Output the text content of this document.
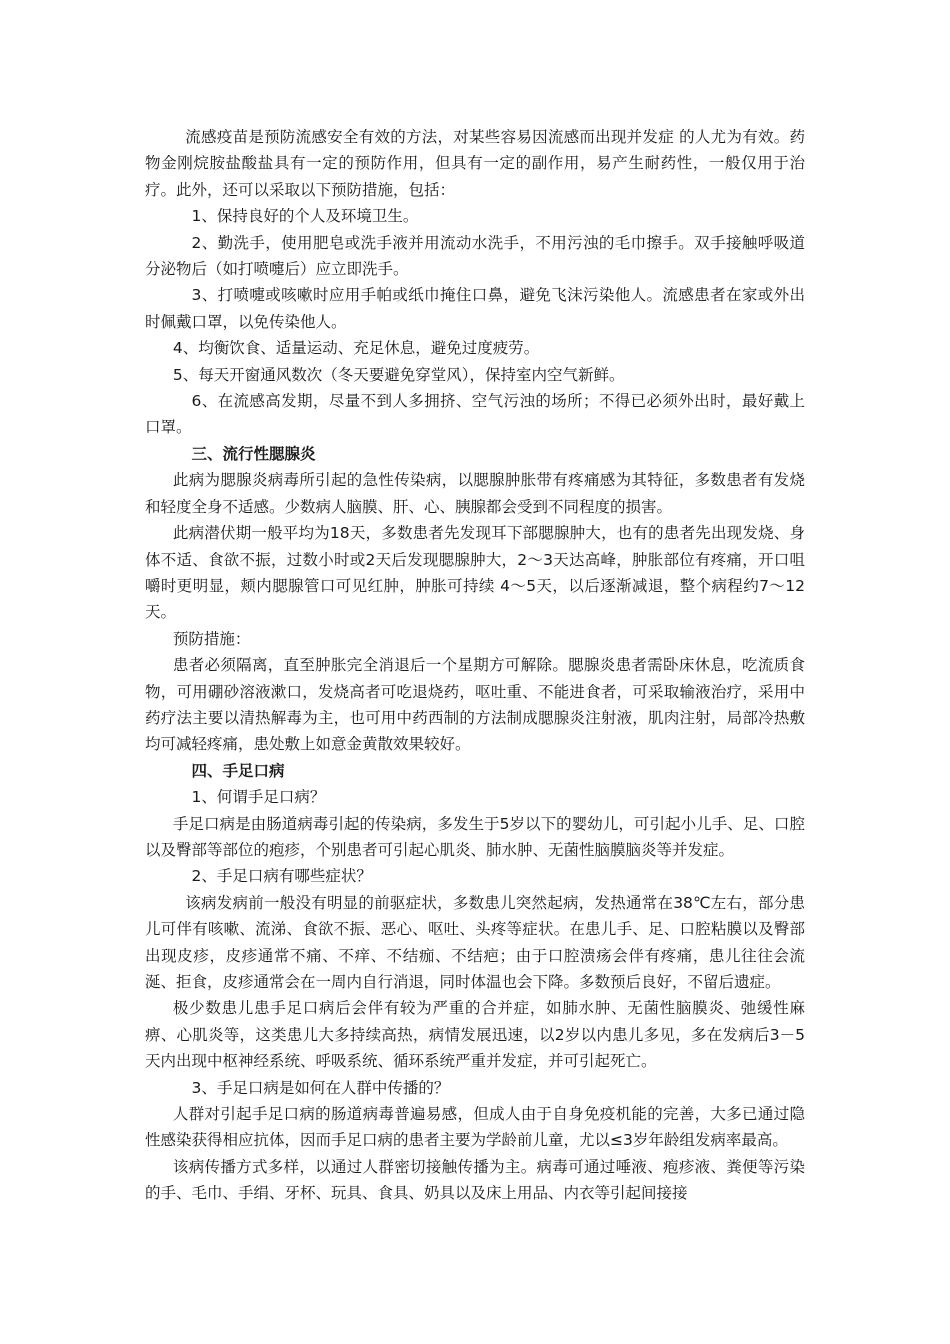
流感疫苗是预防流感安全有效的方法，对某些容易因流感而出现并发症 的人尤为有效。药物金刚烷胺盐酸盐具有一定的预防作用，但具有一定的副作用，易产生耐药性，一般仅用于治疗。此外，还可以采取以下预防措施，包括：

1、保持良好的个人及环境卫生。

2、勤洗手，使用肥皂或洗手液并用流动水洗手，不用污浊的毛巾擦手。双手接触呼吸道分泌物后（如打喷嚏后）应立即洗手。

3、打喷嚏或咳嗽时应用手帕或纸巾掩住口鼻，避免飞沫污染他人。流感患者在家或外出时佩戴口罩，以免传染他人。

4、均衡饮食、适量运动、充足休息，避免过度疲劳。

5、每天开窗通风数次（冬天要避免穿堂风），保持室内空气新鲜。

6、在流感高发期，尽量不到人多拥挤、空气污浊的场所；不得已必须外出时，最好戴上口罩。

三、流行性腮腺炎

此病为腮腺炎病毒所引起的急性传染病，以腮腺肿胀带有疼痛感为其特征，多数患者有发烧和轻度全身不适感。少数病人脑膜、肝、心、胰腺都会受到不同程度的损害。

此病潜伏期一般平均为18天，多数患者先发现耳下部腮腺肿大，也有的患者先出现发烧、身体不适、食欲不振，过数小时或2天后发现腮腺肿大，2～3天达高峰，肿胀部位有疼痛，开口咀嚼时更明显，颊内腮腺管口可见红肿，肿胀可持续 4～5天，以后逐渐减退，整个病程约7～12天。

预防措施：

患者必须隔离，直至肿胀完全消退后一个星期方可解除。腮腺炎患者需卧床休息，吃流质食物，可用硼砂溶液漱口，发烧高者可吃退烧药，呕吐重、不能进食者，可采取输液治疗，采用中药疗法主要以清热解毒为主，也可用中药西制的方法制成腮腺炎注射液，肌肉注射，局部冷热敷均可减轻疼痛，患处敷上如意金黄散效果较好。

四、手足口病

1、何谓手足口病？

手足口病是由肠道病毒引起的传染病，多发生于5岁以下的婴幼儿，可引起小儿手、足、口腔以及臀部等部位的疱疹，个别患者可引起心肌炎、肺水肿、无菌性脑膜脑炎等并发症。

2、手足口病有哪些症状？

该病发病前一般没有明显的前驱症状，多数患儿突然起病，发热通常在38℃左右，部分患儿可伴有咳嗽、流涕、食欲不振、恶心、呕吐、头疼等症状。在患儿手、足、口腔粘膜以及臀部出现皮疹，皮疹通常不痛、不痒、不结痂、不结疤；由于口腔溃疡会伴有疼痛，患儿往往会流涎、拒食，皮疹通常会在一周内自行消退，同时体温也会下降。多数预后良好，不留后遗症。

极少数患儿患手足口病后会伴有较为严重的合并症，如肺水肿、无菌性脑膜炎、弛缓性麻痹、心肌炎等，这类患儿大多持续高热，病情发展迅速，以2岁以内患儿多见，多在发病后3－5天内出现中枢神经系统、呼吸系统、循环系统严重并发症，并可引起死亡。

3、手足口病是如何在人群中传播的？

人群对引起手足口病的肠道病毒普遍易感，但成人由于自身免疫机能的完善，大多已通过隐性感染获得相应抗体，因而手足口病的患者主要为学龄前儿童，尤以≤3岁年龄组发病率最高。

该病传播方式多样，以通过人群密切接触传播为主。病毒可通过唾液、疱疹液、粪便等污染的手、毛巾、手绢、牙杯、玩具、食具、奶具以及床上用品、内衣等引起间接接
